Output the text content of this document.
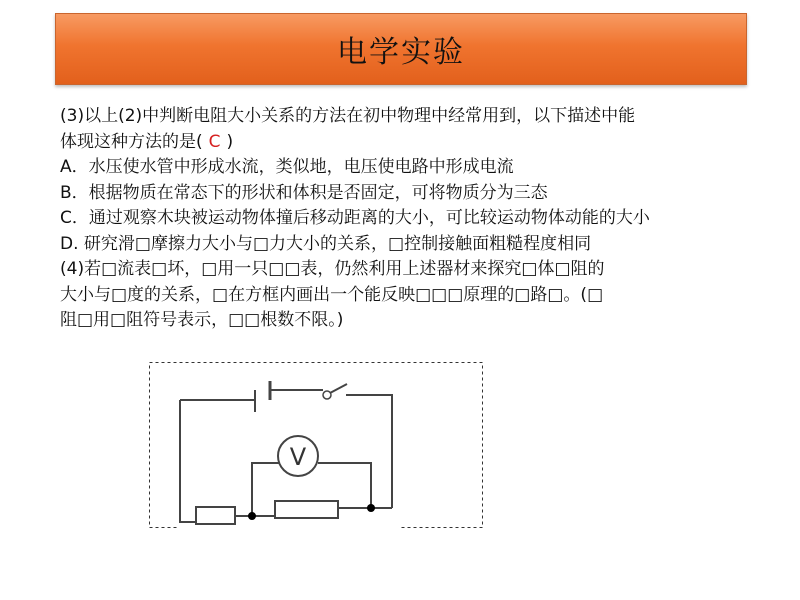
电学实验
(3)以上(2)中判断电阻大小关系的方法在初中物理中经常用到，以下描述中能
体现这种方法的是( C )
A．水压使水管中形成水流，类似地，电压使电路中形成电流
B．根据物质在常态下的形状和体积是否固定，可将物质分为三态
C．通过观察木块被运动物体撞后移动距离的大小，可比较运动物体动能的大小
D. 研究滑□摩擦力大小与□力大小的关系，□控制接触面粗糙程度相同
(4)若□流表□坏，□用一只□□表，仍然利用上述器材来探究□体□阻的
大小与□度的关系，□在方框内画出一个能反映□□□原理的□路□。(□
阻□用□阻符号表示，□□根数不限。)
V
